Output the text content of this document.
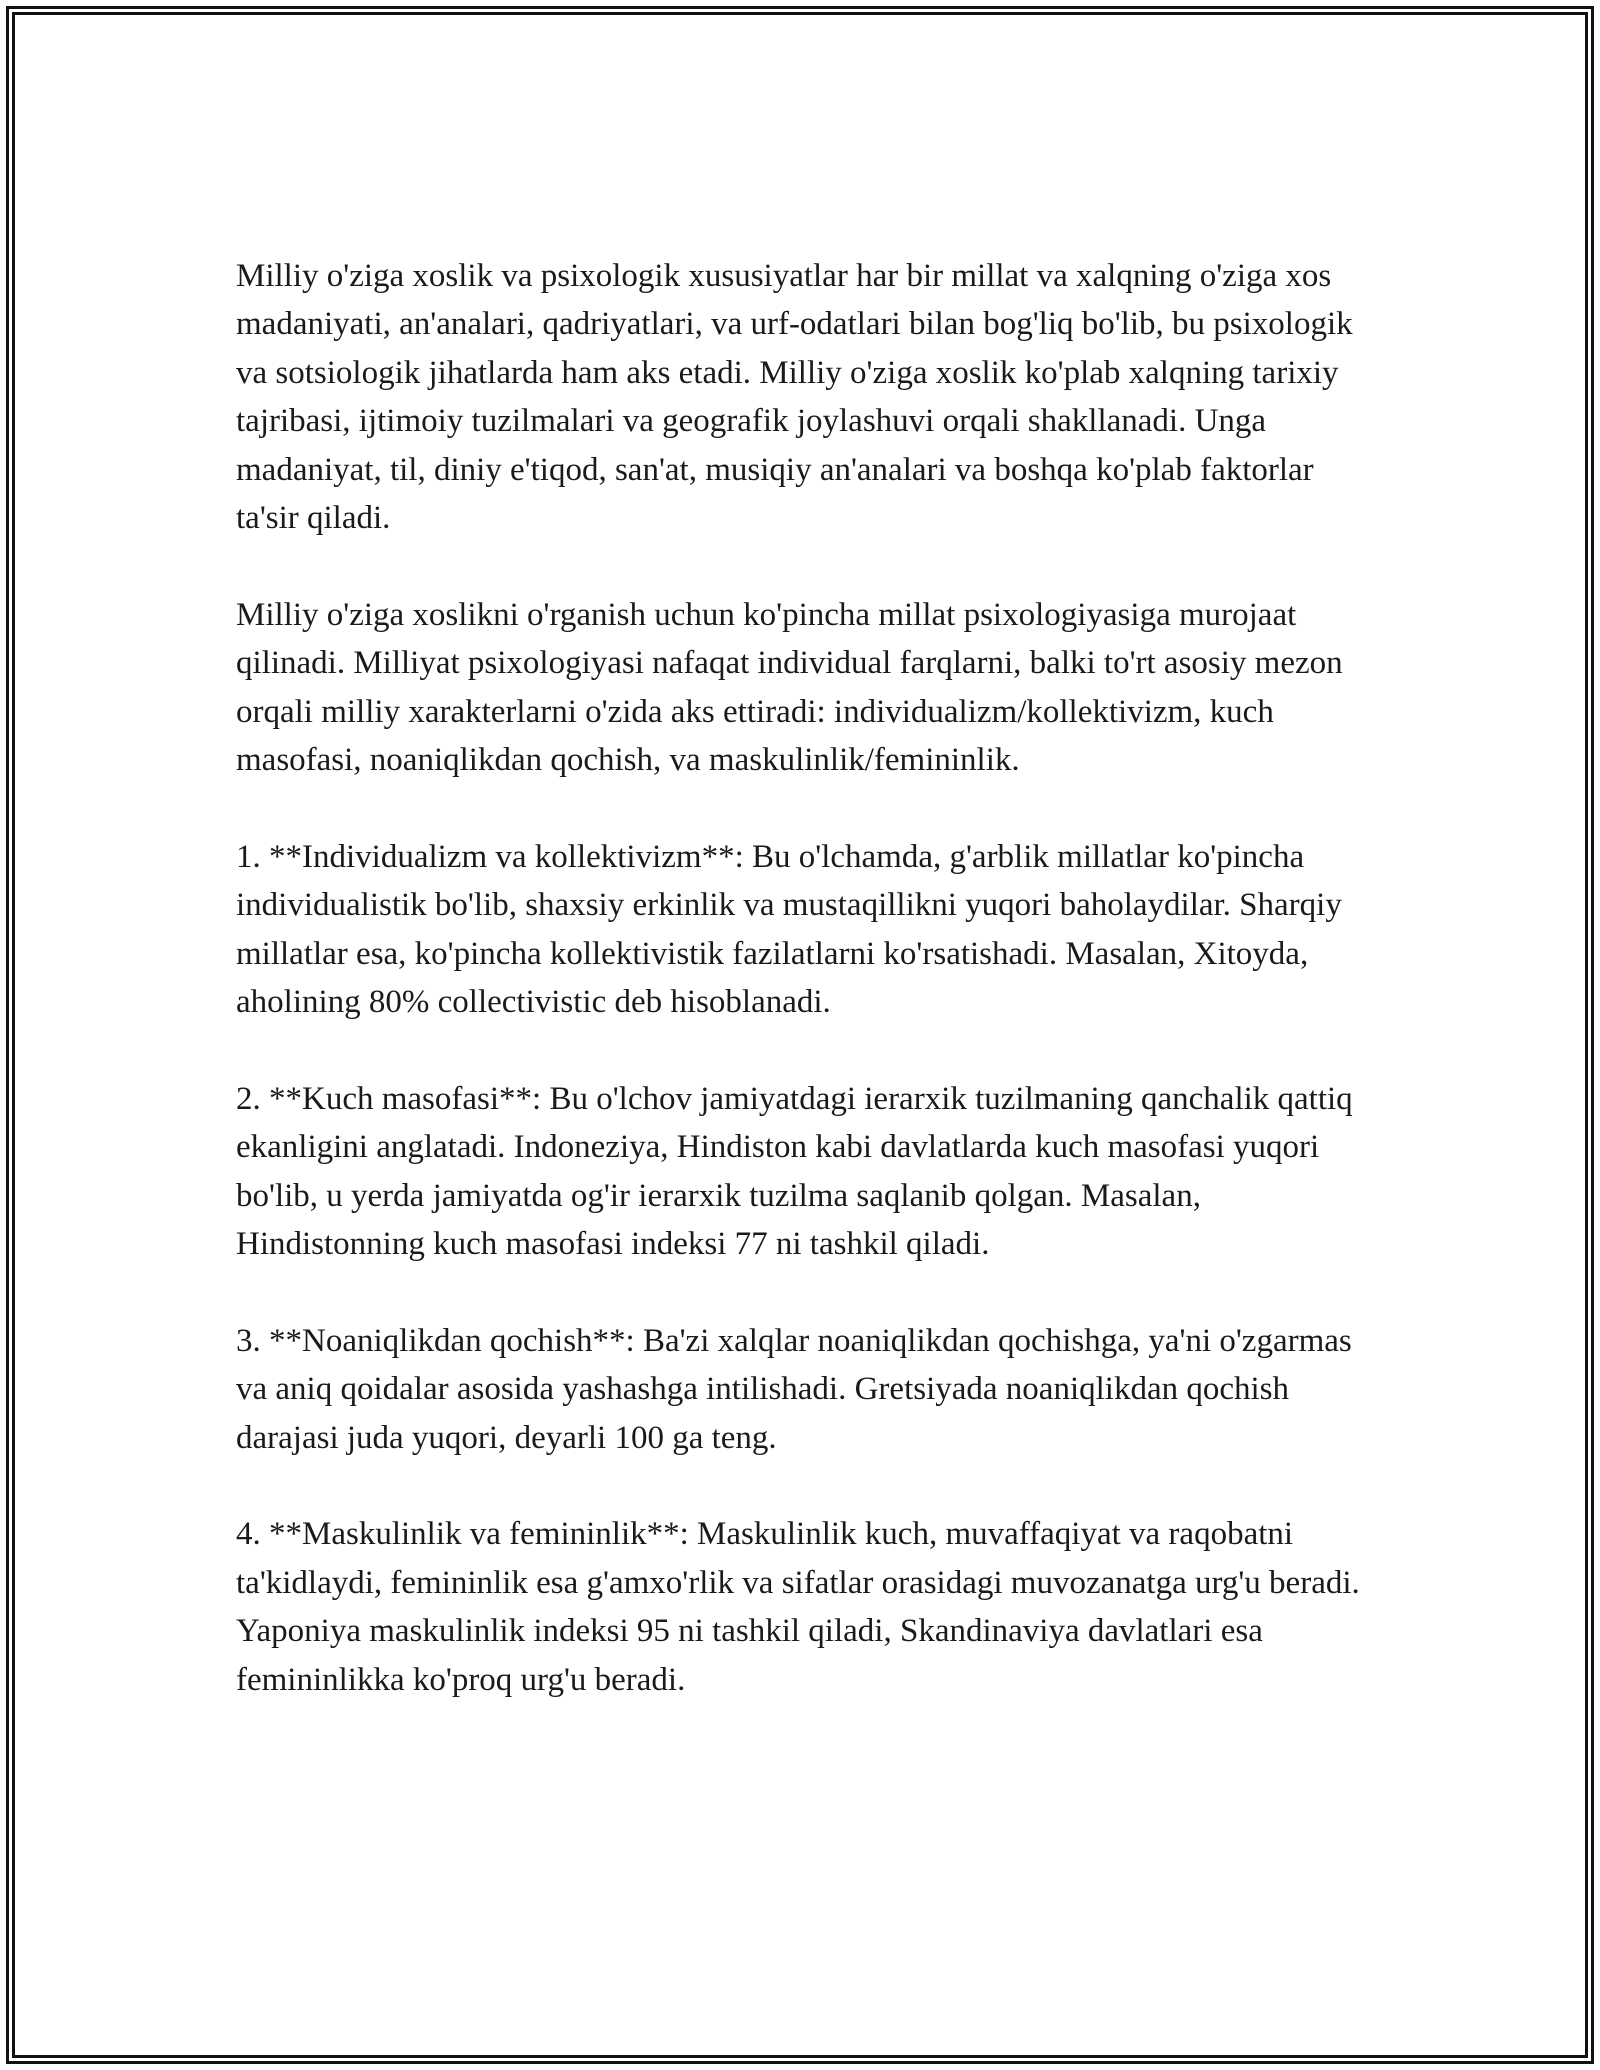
Milliy o'ziga xoslik va psixologik xususiyatlar har bir millat va xalqning o'ziga xos madaniyati, an'analari, qadriyatlari, va urf-odatlari bilan bog'liq bo'lib, bu psixologik va sotsiologik jihatlarda ham aks etadi. Milliy o'ziga xoslik ko'plab xalqning tarixiy tajribasi, ijtimoiy tuzilmalari va geografik joylashuvi orqali shakllanadi. Unga madaniyat, til, diniy e'tiqod, san'at, musiqiy an'analari va boshqa ko'plab faktorlar ta'sir qiladi.

Milliy o'ziga xoslikni o'rganish uchun ko'pincha millat psixologiyasiga murojaat qilinadi. Milliyat psixologiyasi nafaqat individual farqlarni, balki to'rt asosiy mezon orqali milliy xarakterlarni o'zida aks ettiradi: individualizm/kollektivizm, kuch masofasi, noaniqlikdan qochish, va maskulinlik/femininlik.

1. **Individualizm va kollektivizm**: Bu o'lchamda, g'arblik millatlar ko'pincha individualistik bo'lib, shaxsiy erkinlik va mustaqillikni yuqori baholaydilar. Sharqiy millatlar esa, ko'pincha kollektivistik fazilatlarni ko'rsatishadi. Masalan, Xitoyda, aholining 80% collectivistic deb hisoblanadi.

2. **Kuch masofasi**: Bu o'lchov jamiyatdagi ierarxik tuzilmaning qanchalik qattiq ekanligini anglatadi. Indoneziya, Hindiston kabi davlatlarda kuch masofasi yuqori bo'lib, u yerda jamiyatda og'ir ierarxik tuzilma saqlanib qolgan. Masalan, Hindistonning kuch masofasi indeksi 77 ni tashkil qiladi.

3. **Noaniqlikdan qochish**: Ba'zi xalqlar noaniqlikdan qochishga, ya'ni o'zgarmas va aniq qoidalar asosida yashashga intilishadi. Gretsiyada noaniqlikdan qochish darajasi juda yuqori, deyarli 100 ga teng.

4. **Maskulinlik va femininlik**: Maskulinlik kuch, muvaffaqiyat va raqobatni ta'kidlaydi, femininlik esa g'amxo'rlik va sifatlar orasidagi muvozanatga urg'u beradi. Yaponiya maskulinlik indeksi 95 ni tashkil qiladi, Skandinaviya davlatlari esa femininlikka ko'proq urg'u beradi.
